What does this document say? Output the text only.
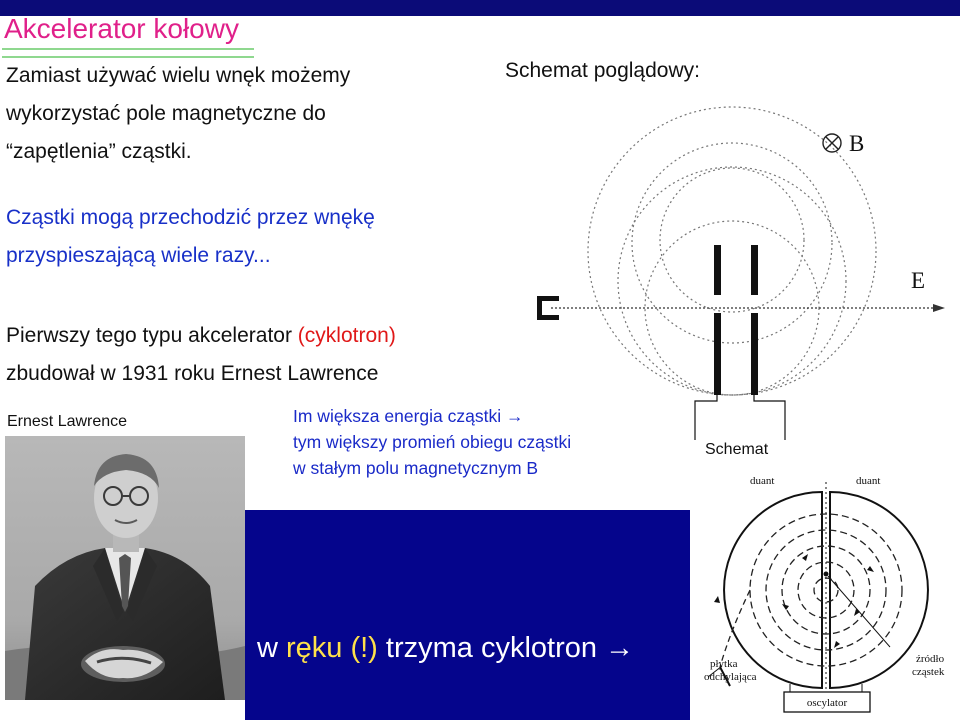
Akcelerator kołowy
Zamiast używać wielu wnęk możemy
wykorzystać pole magnetyczne do
“zapętlenia” cząstki.
Cząstki mogą przechodzić przez wnękę
przyspieszającą wiele razy...
Pierwszy tego typu akcelerator (cyklotron)
zbudował w 1931 roku Ernest Lawrence
Schemat poglądowy:
Ernest Lawrence	Im większa energia cząstki →
tym większy promień obiegu cząstki
w stałym polu magnetycznym B
B
E
Schemat
w ręku (!) trzyma cyklotron →
duant	duant
płytka
odchylająca
źródło
cząstek
oscylator
